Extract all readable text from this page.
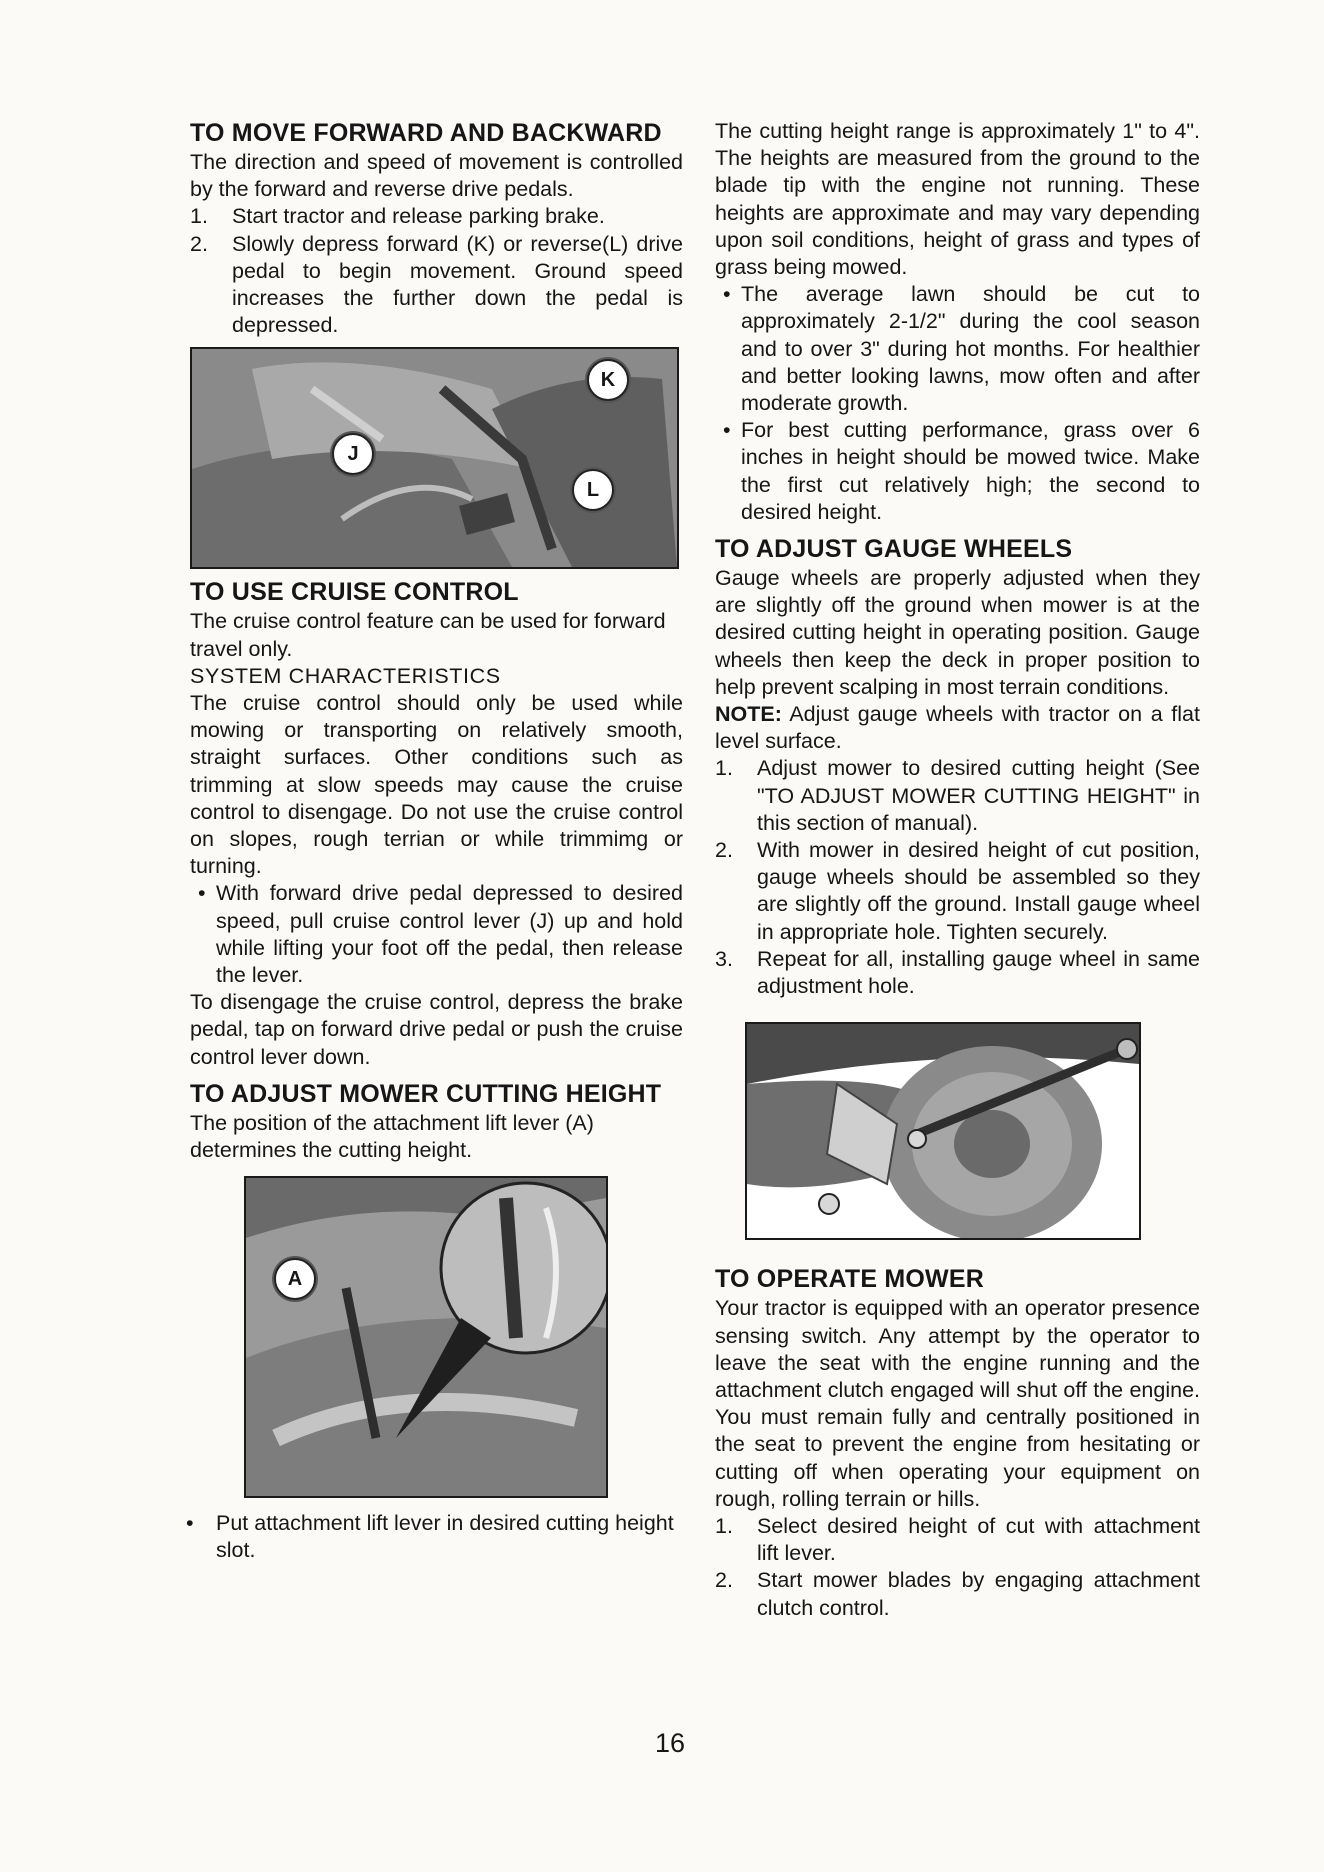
TO MOVE FORWARD AND BACKWARD

The direction and speed of movement is controlled by the forward and reverse drive pedals.

1. Start tractor and release parking brake.
2. Slowly depress forward (K) or reverse(L) drive pedal to begin movement. Ground speed increases the further down the pedal is depressed.
K
J
L
TO USE CRUISE CONTROL

The cruise control feature can be used for forward travel only.

SYSTEM CHARACTERISTICS

The cruise control should only be used while mowing or transporting on relatively smooth, straight surfaces. Other conditions such as trimming at slow speeds may cause the cruise control to disengage. Do not use the cruise control on slopes, rough terrian or while trimmimg or turning.

• With forward drive pedal depressed to desired speed, pull cruise control lever (J) up and hold while lifting your foot off the pedal, then release the lever.

To disengage the cruise control, depress the brake pedal, tap on forward drive pedal or push the cruise control lever down.

TO ADJUST MOWER CUTTING HEIGHT

The position of the attachment lift lever (A) determines the cutting height.

A
• Put attachment lift lever in desired cutting height slot.

The cutting height range is approximately 1" to 4". The heights are measured from the ground to the blade tip with the engine not running. These heights are approximate and may vary depending upon soil conditions, height of grass and types of grass being mowed.

• The average lawn should be cut to approximately 2-1/2" during the cool season and to over 3" during hot months. For healthier and better looking lawns, mow often and after moderate growth.
• For best cutting performance, grass over 6 inches in height should be mowed twice. Make the first cut relatively high; the second to desired height.
TO ADJUST GAUGE WHEELS

Gauge wheels are properly adjusted when they are slightly off the ground when mower is at the desired cutting height in operating position. Gauge wheels then keep the deck in proper position to help prevent scalping in most terrain conditions.

NOTE: Adjust gauge wheels with tractor on a flat level surface.

1. Adjust mower to desired cutting height (See "TO ADJUST MOWER CUTTING HEIGHT" in this section of manual).
2. With mower in desired height of cut position, gauge wheels should be assembled so they are slightly off the ground. Install gauge wheel in appropriate hole. Tighten securely.
3. Repeat for all, installing gauge wheel in same adjustment hole.
TO OPERATE MOWER

Your tractor is equipped with an operator presence sensing switch. Any attempt by the operator to leave the seat with the engine running and the attachment clutch engaged will shut off the engine. You must remain fully and centrally positioned in the seat to prevent the engine from hesitating or cutting off when operating your equipment on rough, rolling terrain or hills.

1. Select desired height of cut with attachment lift lever.
2. Start mower blades by engaging attachment clutch control.
16
